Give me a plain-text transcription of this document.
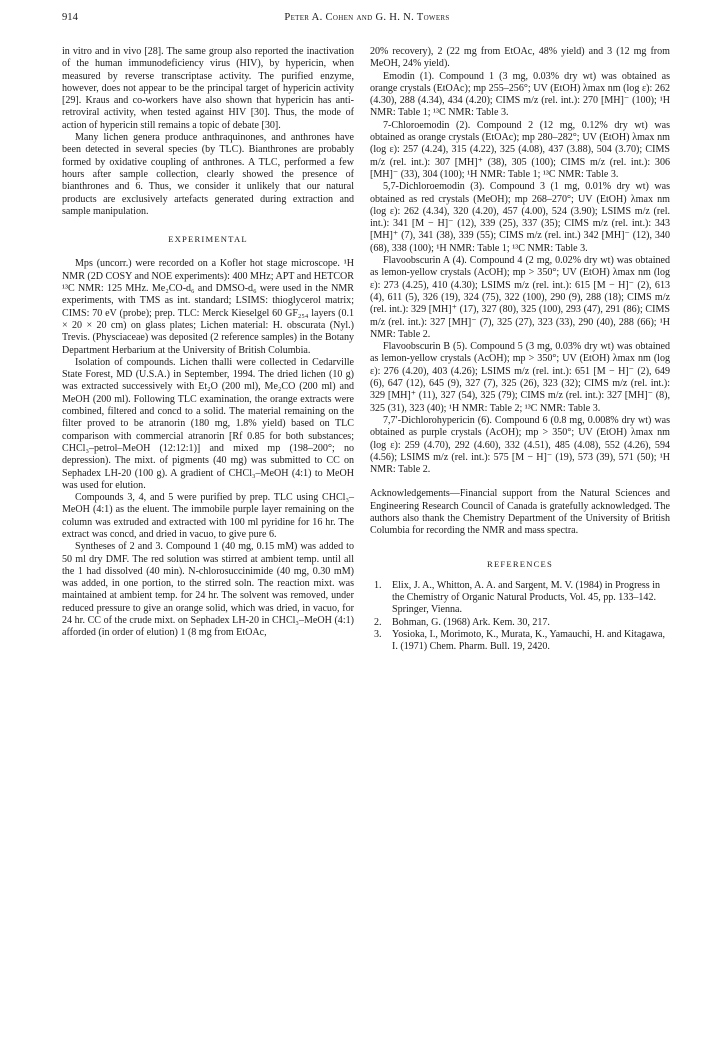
914	Peter A. Cohen and G. H. N. Towers

in vitro and in vivo [28]. The same group also reported the inactivation of the human immunodeficiency virus (HIV), by hypericin, when measured by reverse transcriptase activity. The purified enzyme, however, does not appear to be the principal target of hypericin activity [29]. Kraus and co-workers have also shown that hypericin has anti-retroviral activity, when tested against HIV [30]. Thus, the mode of action of hypericin still remains a topic of debate [30].

Many lichen genera produce anthraquinones, and anthrones have been detected in several species (by TLC). Bianthrones are probably formed by oxidative coupling of anthrones. A TLC, performed a few hours after sample collection, clearly showed the presence of bianthrones and 6. Thus, we consider it unlikely that our natural products are exclusively artefacts generated during extraction and sample manipulation.

EXPERIMENTAL

Mps (uncorr.) were recorded on a Kofler hot stage microscope. ¹H NMR (2D COSY and NOE experiments): 400 MHz; APT and HETCOR ¹³C NMR: 125 MHz. Me₂CO-d₆ and DMSO-d₆ were used in the NMR experiments, with TMS as int. standard; LSIMS: thioglycerol matrix; CIMS: 70 eV (probe); prep. TLC: Merck Kieselgel 60 GF₂₅₄ layers (0.1 × 20 × 20 cm) on glass plates; Lichen material: H. obscurata (Nyl.) Trevis. (Physciaceae) was deposited (2 reference samples) in the Botany Department Herbarium at the University of British Columbia.

Isolation of compounds. Lichen thalli were collected in Cedarville State Forest, MD (U.S.A.) in September, 1994. The dried lichen (10 g) was extracted successively with Et₂O (200 ml), Me₂CO (200 ml) and MeOH (200 ml). Following TLC examination, the orange extracts were combined, filtered and concd to a solid. The material remaining on the filter proved to be atranorin (180 mg, 1.8% yield) based on TLC comparison with commercial atranorin [Rf 0.85 for both substances; CHCl₃–petrol–MeOH (12:12:1)] and mixed mp (198–200°; no depression). The mixt. of pigments (40 mg) was submitted to CC on Sephadex LH-20 (100 g). A gradient of CHCl₃–MeOH (4:1) to MeOH was used for elution.

Compounds 3, 4, and 5 were purified by prep. TLC using CHCl₃–MeOH (4:1) as the eluent. The immobile purple layer remaining on the column was extruded and extracted with 100 ml pyridine for 16 hr. The extract was concd, and dried in vacuo, to give pure 6.

Syntheses of 2 and 3. Compound 1 (40 mg, 0.15 mM) was added to 50 ml dry DMF. The red solution was stirred at ambient temp. until all the 1 had dissolved (40 min). N-chlorosuccinimide (40 mg, 0.30 mM) was added, in one portion, to the stirred soln. The reaction mixt. was maintained at ambient temp. for 24 hr. The solvent was removed, under reduced pressure to give an orange solid, which was dried, in vacuo, for 24 hr. CC of the crude mixt. on Sephadex LH-20 in CHCl₃–MeOH (4:1) afforded (in order of elution) 1 (8 mg from EtOAc,

20% recovery), 2 (22 mg from EtOAc, 48% yield) and 3 (12 mg from MeOH, 24% yield).

Emodin (1). Compound 1 (3 mg, 0.03% dry wt) was obtained as orange crystals (EtOAc); mp 255–256°; UV (EtOH) λmax nm (log ε): 262 (4.30), 288 (4.34), 434 (4.20); CIMS m/z (rel. int.): 270 [MH]⁻ (100); ¹H NMR: Table 1; ¹³C NMR: Table 3.

7-Chloroemodin (2). Compound 2 (12 mg, 0.12% dry wt) was obtained as orange crystals (EtOAc); mp 280–282°; UV (EtOH) λmax nm (log ε): 257 (4.24), 315 (4.22), 325 (4.08), 437 (3.88), 504 (3.70); CIMS m/z (rel. int.): 307 [MH]⁺ (38), 305 (100); CIMS m/z (rel. int.): 306 [MH]⁻ (33), 304 (100); ¹H NMR: Table 1; ¹³C NMR: Table 3.

5,7-Dichloroemodin (3). Compound 3 (1 mg, 0.01% dry wt) was obtained as red crystals (MeOH); mp 268–270°; UV (EtOH) λmax nm (log ε): 262 (4.34), 320 (4.20), 457 (4.00), 524 (3.90); LSIMS m/z (rel. int.): 341 [M − H]⁻ (12), 339 (25), 337 (35); CIMS m/z (rel. int.): 343 [MH]⁺ (7), 341 (38), 339 (55); CIMS m/z (rel. int.) 342 [MH]⁻ (12), 340 (68), 338 (100); ¹H NMR: Table 1; ¹³C NMR: Table 3.

Flavoobscurin A (4). Compound 4 (2 mg, 0.02% dry wt) was obtained as lemon-yellow crystals (AcOH); mp > 350°; UV (EtOH) λmax nm (log ε): 273 (4.25), 410 (4.30); LSIMS m/z (rel. int.): 615 [M − H]⁻ (2), 613 (4), 611 (5), 326 (19), 324 (75), 322 (100), 290 (9), 288 (18); CIMS m/z (rel. int.): 329 [MH]⁺ (17), 327 (80), 325 (100), 293 (47), 291 (86); CIMS m/z (rel. int.): 327 [MH]⁻ (7), 325 (27), 323 (33), 290 (40), 288 (66); ¹H NMR: Table 2.

Flavoobscurin B (5). Compound 5 (3 mg, 0.03% dry wt) was obtained as lemon-yellow crystals (AcOH); mp > 350°; UV (EtOH) λmax nm (log ε): 276 (4.20), 403 (4.26); LSIMS m/z (rel. int.): 651 [M − H]⁻ (2), 649 (6), 647 (12), 645 (9), 327 (7), 325 (26), 323 (32); CIMS m/z (rel. int.): 329 [MH]⁺ (11), 327 (54), 325 (79); CIMS m/z (rel. int.): 327 [MH]⁻ (8), 325 (31), 323 (40); ¹H NMR: Table 2; ¹³C NMR: Table 3.

7,7′-Dichlorohypericin (6). Compound 6 (0.8 mg, 0.008% dry wt) was obtained as purple crystals (AcOH); mp > 350°; UV (EtOH) λmax nm (log ε): 259 (4.70), 292 (4.60), 332 (4.51), 485 (4.08), 552 (4.26), 594 (4.56); LSIMS m/z (rel. int.): 575 [M − H]⁻ (19), 573 (39), 571 (50); ¹H NMR: Table 2.

Acknowledgements—Financial support from the Natural Sciences and Engineering Research Council of Canada is gratefully acknowledged. The authors also thank the Chemistry Department of the University of British Columbia for recording the NMR and mass spectra.

REFERENCES
1. Elix, J. A., Whitton, A. A. and Sargent, M. V. (1984) in Progress in the Chemistry of Organic Natural Products, Vol. 45, pp. 133–142. Springer, Vienna.
2. Bohman, G. (1968) Ark. Kem. 30, 217.
3. Yosioka, I., Morimoto, K., Murata, K., Yamauchi, H. and Kitagawa, I. (1971) Chem. Pharm. Bull. 19, 2420.
